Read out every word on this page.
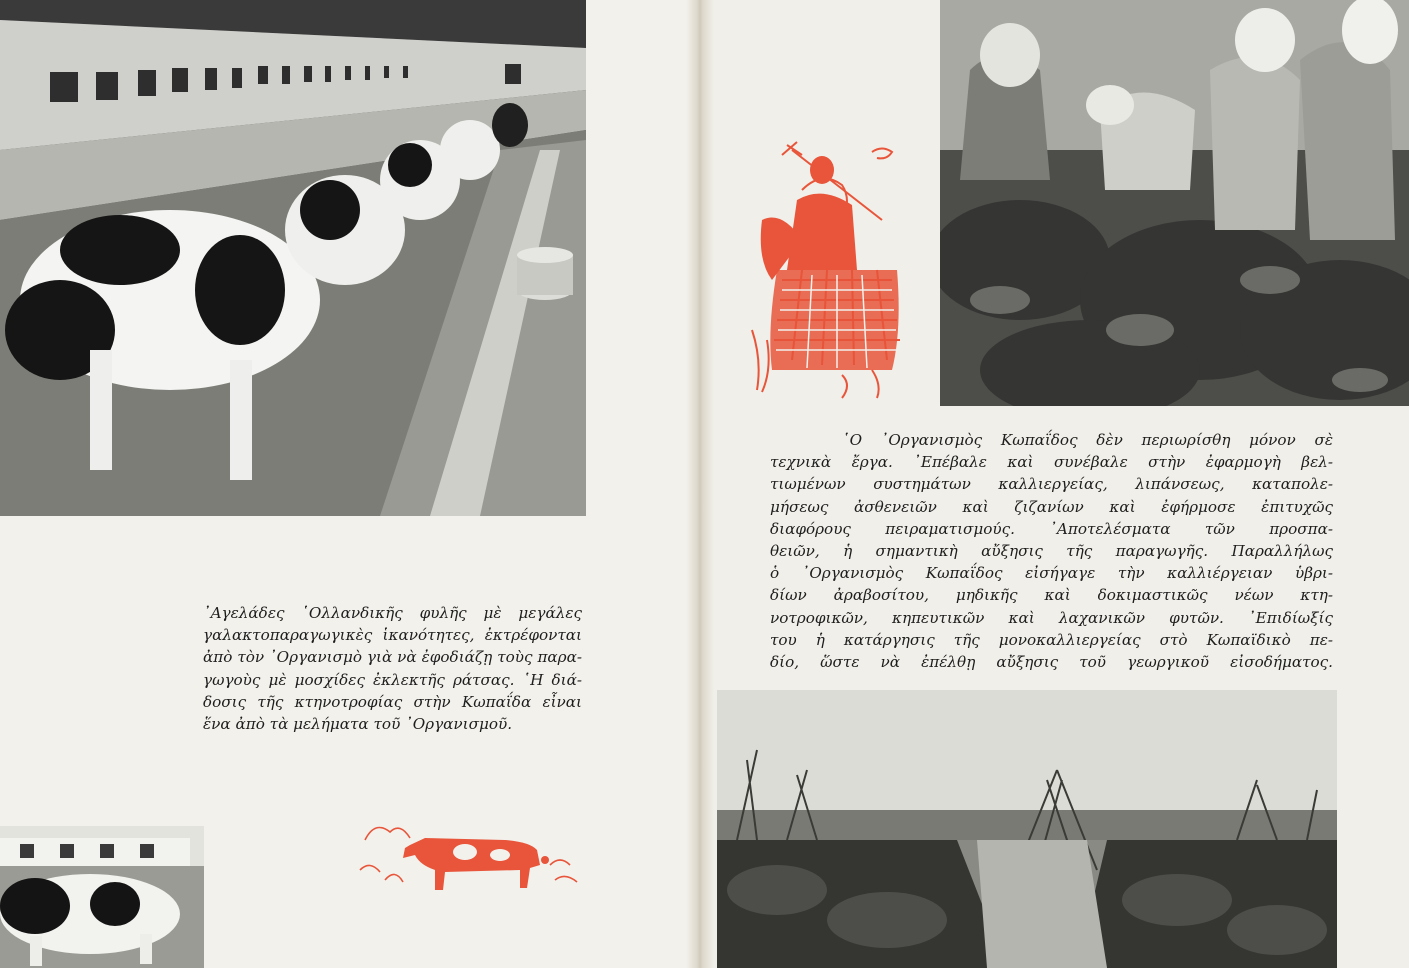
᾿Αγελάδες ῾Ολλανδικῆς φυλῆς μὲ μεγάλες
γαλακτοπαραγωγικὲς ἱκανότητες, ἐκτρέφονται
ἀπὸ τὸν ᾿Οργανισμὸ γιὰ νὰ ἐφοδιάζῃ τοὺς παρα-
γωγοὺς μὲ μοσχίδες ἐκλεκτῆς ράτσας. ῾Η διά-
δοσις τῆς κτηνοτροφίας στὴν Κωπαΐδα εἶναι
ἕνα ἀπὸ τὰ μελήματα τοῦ ᾿Οργανισμοῦ.
῾Ο ᾿Οργανισμὸς Κωπαΐδος δὲν περιωρίσθη μόνον σὲ
τεχνικὰ ἔργα. ᾿Επέβαλε καὶ συνέβαλε στὴν ἐφαρμογὴ βελ-
τιωμένων συστημάτων καλλιεργείας, λιπάνσεως, καταπολε-
μήσεως ἀσθενειῶν καὶ ζιζανίων καὶ ἐφήρμοσε ἐπιτυχῶς
διαφόρους πειραματισμούς. ᾿Αποτελέσματα τῶν προσπα-
θειῶν, ἡ σημαντικὴ αὔξησις τῆς παραγωγῆς. Παραλλήλως
ὁ ᾿Οργανισμὸς Κωπαΐδος εἰσήγαγε τὴν καλλιέργειαν ὑβρι-
δίων ἀραβοσίτου, μηδικῆς καὶ δοκιμαστικῶς νέων κτη-
νοτροφικῶν, κηπευτικῶν καὶ λαχανικῶν φυτῶν. ᾿Επιδίωξίς
του ἡ κατάργησις τῆς μονοκαλλιεργείας στὸ Κωπαϊδικὸ πε-
δίο, ὥστε νὰ ἐπέλθῃ αὔξησις τοῦ γεωργικοῦ εἰσοδήματος.
